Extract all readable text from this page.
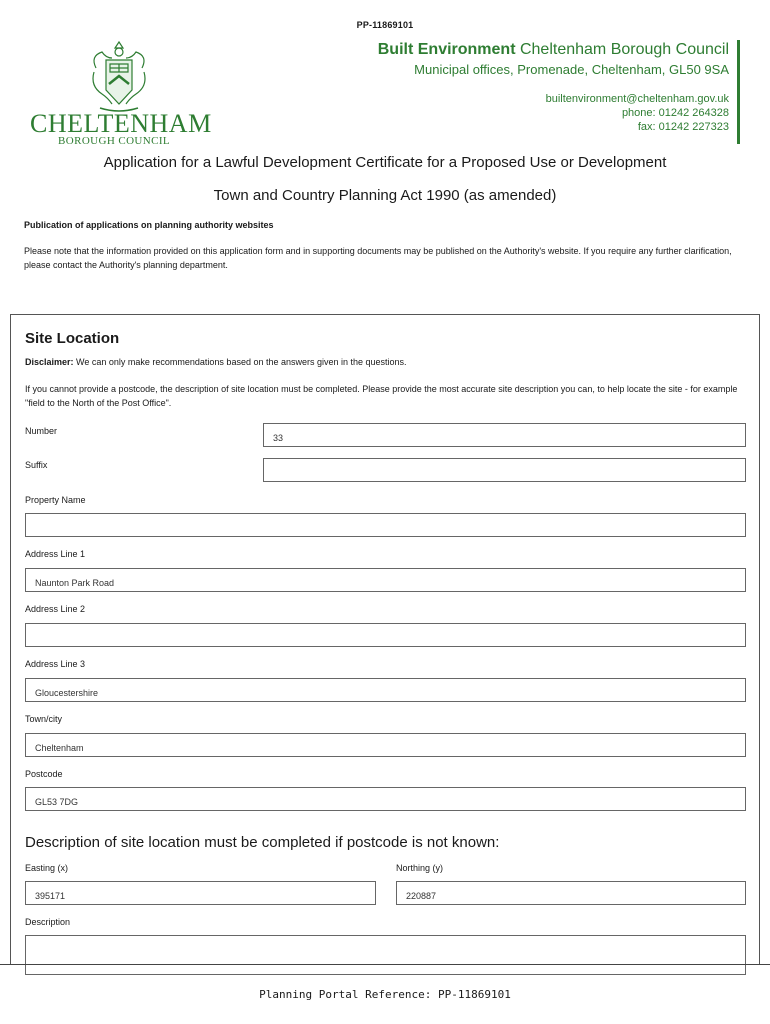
PP-11869101
CHELTENHAM
BOROUGH COUNCIL
Built Environment Cheltenham Borough Council
Municipal offices, Promenade, Cheltenham, GL50 9SA
builtenvironment@cheltenham.gov.uk
phone: 01242 264328
fax: 01242 227323
Application for a Lawful Development Certificate for a Proposed Use or Development
Town and Country Planning Act 1990 (as amended)
Publication of applications on planning authority websites
Please note that the information provided on this application form and in supporting documents may be published on the Authority's website. If you require any further clarification, please contact the Authority's planning department.
Site Location
Disclaimer: We can only make recommendations based on the answers given in the questions.
If you cannot provide a postcode, the description of site location must be completed. Please provide the most accurate site description you can, to help locate the site - for example "field to the North of the Post Office".
Number
33
Suffix
Property Name
Address Line 1
Naunton Park Road
Address Line 2
Address Line 3
Gloucestershire
Town/city
Cheltenham
Postcode
GL53 7DG
Description of site location must be completed if postcode is not known:
Easting (x)
395171
Northing (y)
220887
Description
Planning Portal Reference: PP-11869101
